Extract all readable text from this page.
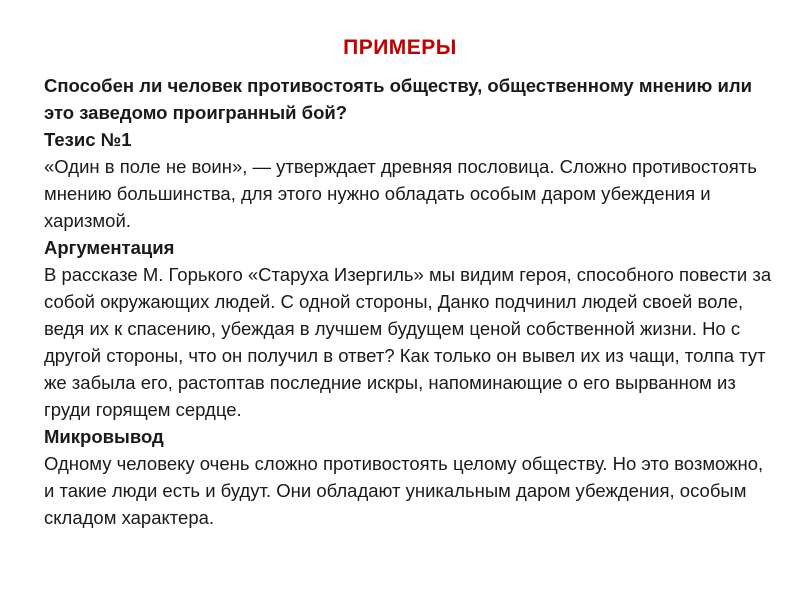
ПРИМЕРЫ
Способен ли человек противостоять обществу, общественному мнению или это заведомо проигранный бой?
Тезис №1
«Один в поле не воин», — утверждает древняя пословица. Сложно противостоять мнению большинства, для этого нужно обладать особым даром убеждения и харизмой.
Аргументация
В рассказе М. Горького «Старуха Изергиль» мы видим героя, способного повести за собой окружающих людей. С одной стороны, Данко подчинил людей своей воле, ведя их к спасению, убеждая в лучшем будущем ценой собственной жизни. Но с другой стороны, что он получил в ответ? Как только он вывел их из чащи, толпа тут же забыла его, растоптав последние искры, напоминающие о его вырванном из груди горящем сердце.
Микровывод
Одному человеку очень сложно противостоять целому обществу. Но это возможно, и такие люди есть и будут. Они обладают уникальным даром убеждения, особым складом характера.
